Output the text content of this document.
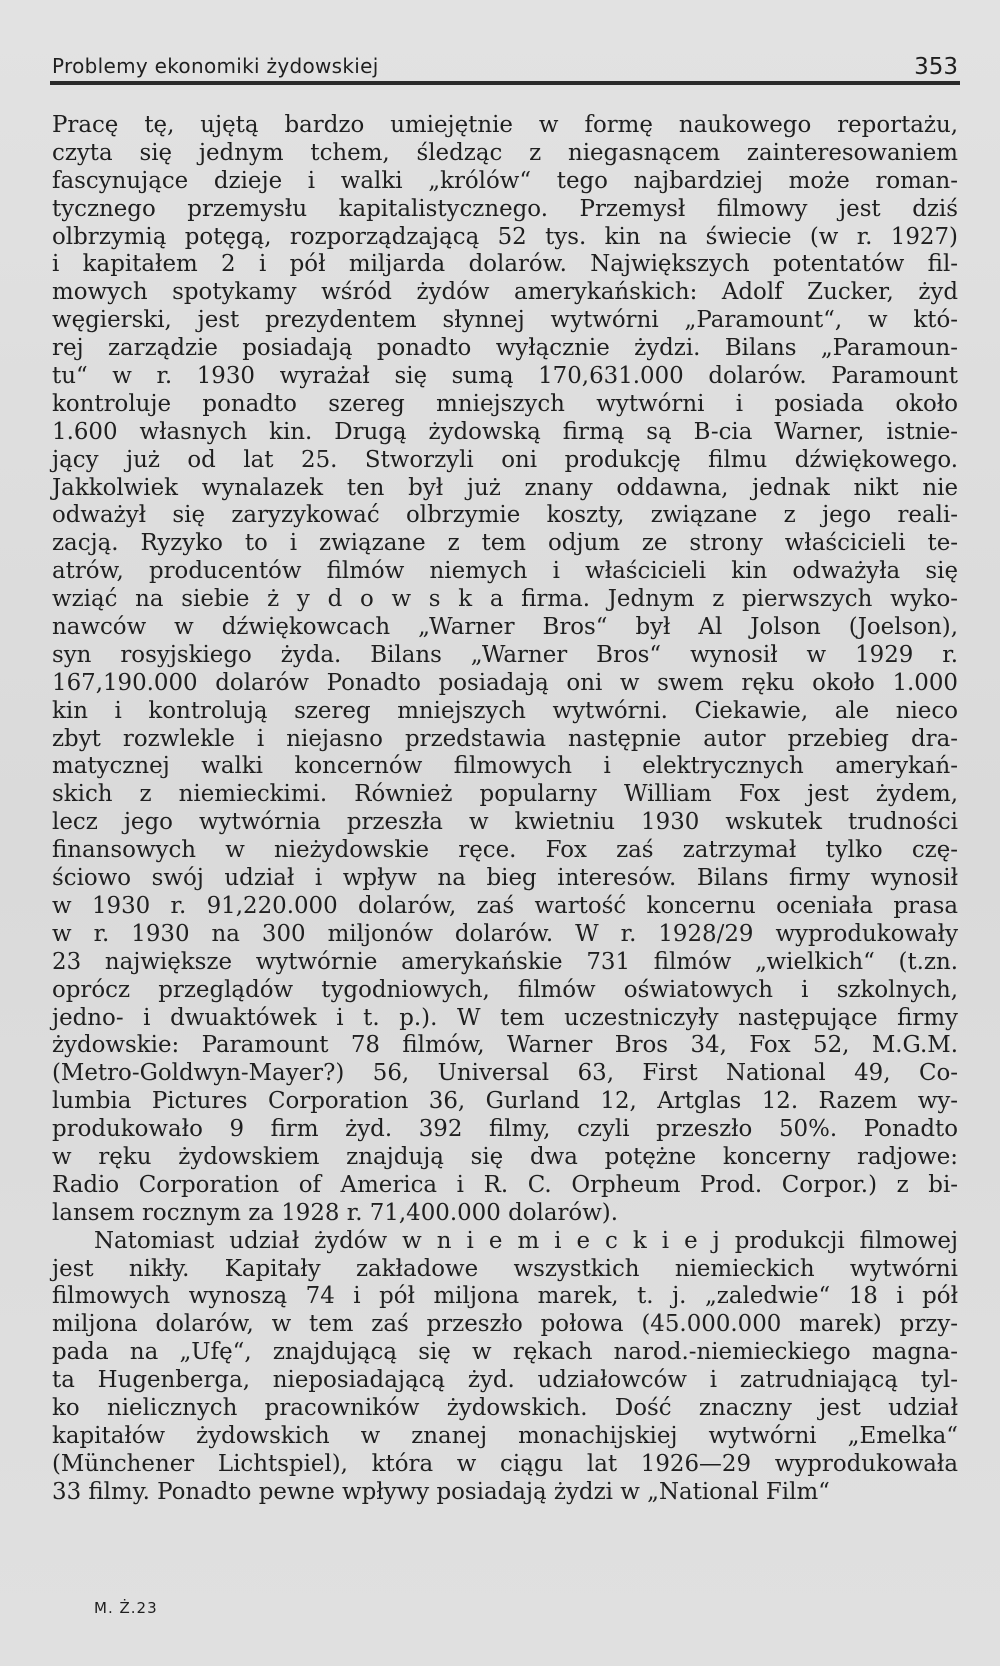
Problemy ekonomiki żydowskiej	353
Pracę tę, ujętą bardzo umiejętnie w formę naukowego reportażu,
czyta się jednym tchem, śledząc z niegasnącem zainteresowaniem
fascynujące dzieje i walki „królów“ tego najbardziej może roman-
tycznego przemysłu kapitalistycznego. Przemysł filmowy jest dziś
olbrzymią potęgą, rozporządzającą 52 tys. kin na świecie (w r. 1927)
i kapitałem 2 i pół miljarda dolarów. Największych potentatów fil-
mowych spotykamy wśród żydów amerykańskich: Adolf Zucker, żyd
węgierski, jest prezydentem słynnej wytwórni „Paramount“, w któ-
rej zarządzie posiadają ponadto wyłącznie żydzi. Bilans „Paramoun-
tu“ w r. 1930 wyrażał się sumą 170,631.000 dolarów. Paramount
kontroluje ponadto szereg mniejszych wytwórni i posiada około
1.600 własnych kin. Drugą żydowską firmą są B-cia Warner, istnie-
jący już od lat 25. Stworzyli oni produkcję filmu dźwiękowego.
Jakkolwiek wynalazek ten był już znany oddawna, jednak nikt nie
odważył się zaryzykować olbrzymie koszty, związane z jego reali-
zacją. Ryzyko to i związane z tem odjum ze strony właścicieli te-
atrów, producentów filmów niemych i właścicieli kin odważyła się
wziąć na siebie ż y d o w s k a firma. Jednym z pierwszych wyko-
nawców w dźwiękowcach „Warner Bros“ był Al Jolson (Joelson),
syn rosyjskiego żyda. Bilans „Warner Bros“ wynosił w 1929 r.
167,190.000 dolarów Ponadto posiadają oni w swem ręku około 1.000
kin i kontrolują szereg mniejszych wytwórni. Ciekawie, ale nieco
zbyt rozwlekle i niejasno przedstawia następnie autor przebieg dra-
matycznej walki koncernów filmowych i elektrycznych amerykań-
skich z niemieckimi. Również popularny William Fox jest żydem,
lecz jego wytwórnia przeszła w kwietniu 1930 wskutek trudności
finansowych w nieżydowskie ręce. Fox zaś zatrzymał tylko czę-
ściowo swój udział i wpływ na bieg interesów. Bilans firmy wynosił
w 1930 r. 91,220.000 dolarów, zaś wartość koncernu oceniała prasa
w r. 1930 na 300 miljonów dolarów. W r. 1928/29 wyprodukowały
23 największe wytwórnie amerykańskie 731 filmów „wielkich“ (t.zn.
oprócz przeglądów tygodniowych, filmów oświatowych i szkolnych,
jedno- i dwuaktówek i t. p.). W tem uczestniczyły następujące firmy
żydowskie: Paramount 78 filmów, Warner Bros 34, Fox 52, M.G.M.
(Metro-Goldwyn-Mayer?) 56, Universal 63, First National 49, Co-
lumbia Pictures Corporation 36, Gurland 12, Artglas 12. Razem wy-
produkowało 9 firm żyd. 392 filmy, czyli przeszło 50%. Ponadto
w ręku żydowskiem znajdują się dwa potężne koncerny radjowe:
Radio Corporation of America i R. C. Orpheum Prod. Corpor.) z bi-
lansem rocznym za 1928 r. 71,400.000 dolarów).
Natomiast udział żydów w n i e m i e c k i e j produkcji filmowej
jest nikły. Kapitały zakładowe wszystkich niemieckich wytwórni
filmowych wynoszą 74 i pół miljona marek, t. j. „zaledwie“ 18 i pół
miljona dolarów, w tem zaś przeszło połowa (45.000.000 marek) przy-
pada na „Ufę“, znajdującą się w rękach narod.-niemieckiego magna-
ta Hugenberga, nieposiadającą żyd. udziałowców i zatrudniającą tyl-
ko nielicznych pracowników żydowskich. Dość znaczny jest udział
kapitałów żydowskich w znanej monachijskiej wytwórni „Emelka“
(Münchener Lichtspiel), która w ciągu lat 1926—29 wyprodukowała
33 filmy. Ponadto pewne wpływy posiadają żydzi w „National Film“
M. Ż.23
